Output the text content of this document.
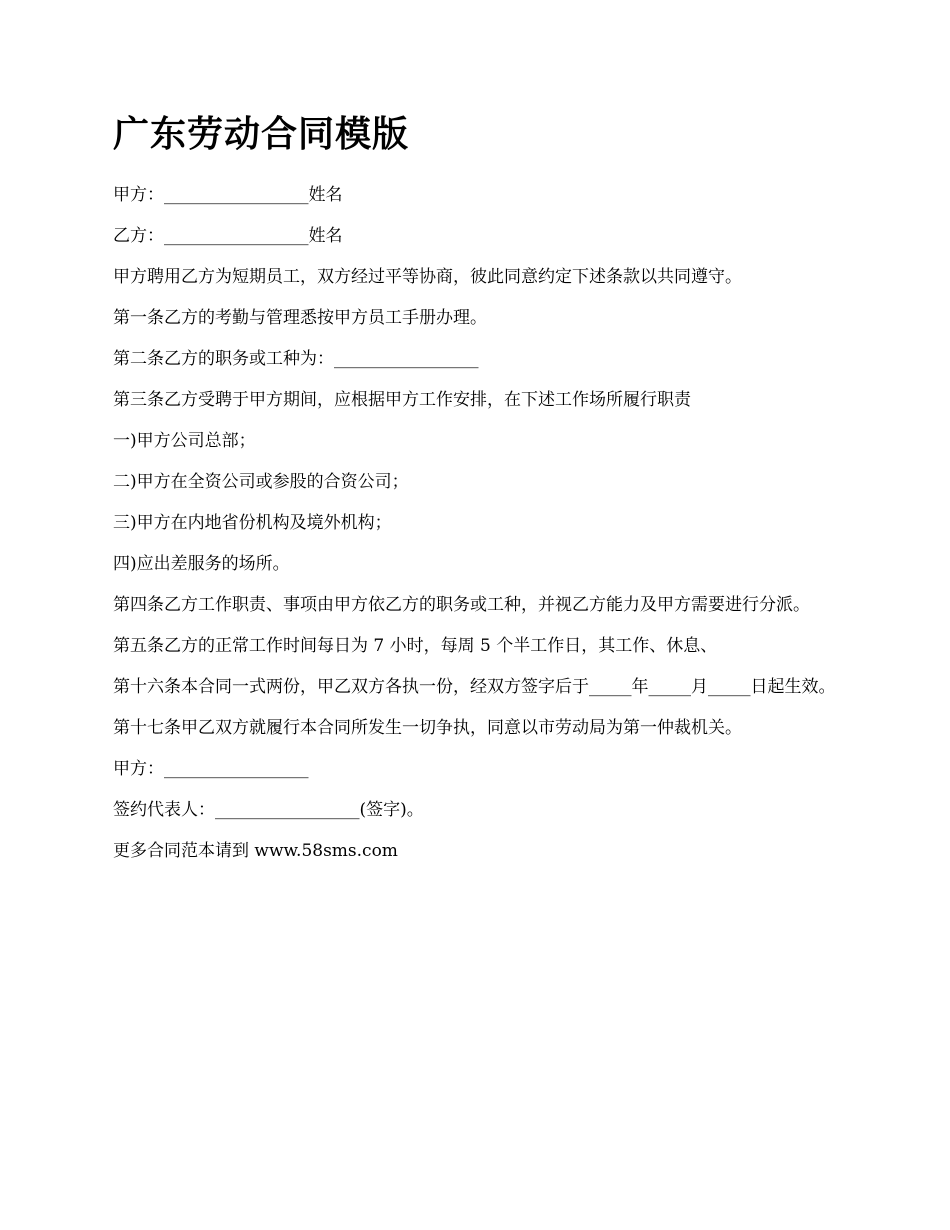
广东劳动合同模版

甲方：_________________姓名

乙方：_________________姓名

甲方聘用乙方为短期员工，双方经过平等协商，彼此同意约定下述条款以共同遵守。

第一条乙方的考勤与管理悉按甲方员工手册办理。

第二条乙方的职务或工种为：_________________

第三条乙方受聘于甲方期间，应根据甲方工作安排，在下述工作场所履行职责

一)甲方公司总部；

二)甲方在全资公司或参股的合资公司；

三)甲方在内地省份机构及境外机构；

四)应出差服务的场所。

第四条乙方工作职责、事项由甲方依乙方的职务或工种，并视乙方能力及甲方需要进行分派。

第五条乙方的正常工作时间每日为 7 小时，每周 5 个半工作日，其工作、休息、

第十六条本合同一式两份，甲乙双方各执一份，经双方签字后于_____年_____月_____日起生效。

第十七条甲乙双方就履行本合同所发生一切争执，同意以市劳动局为第一仲裁机关。

甲方：_________________

签约代表人：_________________(签字)。

更多合同范本请到 www.58sms.com
